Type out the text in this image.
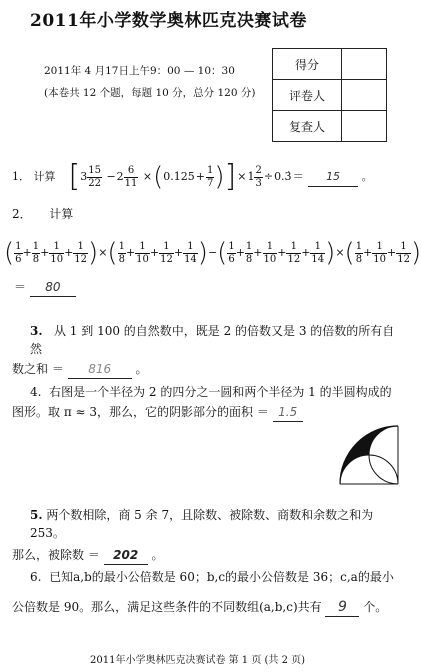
2011年小学数学奥林匹克决赛试卷
2011年 4 月17日上午9：00 — 10：30
(本卷共 12 个题，每题 10 分，总分 120 分)
得分	
评卷人	
复查人	
1． 计算 $[3 \frac{15}{22} -2 \frac{6}{11} \times(0.125+ \frac{1}{7} )]\times 1 \frac{2}{3}$ ÷0.3̇＝ 15 。
2． 计算
( $\frac{1}{6} + \frac{1}{8} + \frac{1}{10} + \frac{1}{12}$ )×( $\frac{1}{8} + \frac{1}{10} + \frac{1}{12} + \frac{1}{14}$ )−( $\frac{1}{6} + \frac{1}{8} + \frac{1}{10} + \frac{1}{12} + \frac{1}{14}$ )×( $\frac{1}{8} + \frac{1}{10} + \frac{1}{12}$ )
＝ 80
3. 从 1 到 100 的自然数中，既是 2 的倍数又是 3 的倍数的所有自然
数之和 ＝ 816 。
4. 右图是一个半径为 2 的四分之一圆和两个半径为 1 的半圆构成的
图形。取 π ≈ 3，那么，它的阴影部分的面积 ＝ 1.5
5. 两个数相除，商 5 余 7，且除数、被除数、商数和余数之和为 253。
那么，被除数 ＝ 202 。
6. 已知a,b的最小公倍数是 60；b,c的最小公倍数是 36；c,a的最小
公倍数是 90。那么，满足这些条件的不同数组(a,b,c)共有 9 个。
2011年小学奥林匹克决赛试卷 第 1 页 (共 2 页)
